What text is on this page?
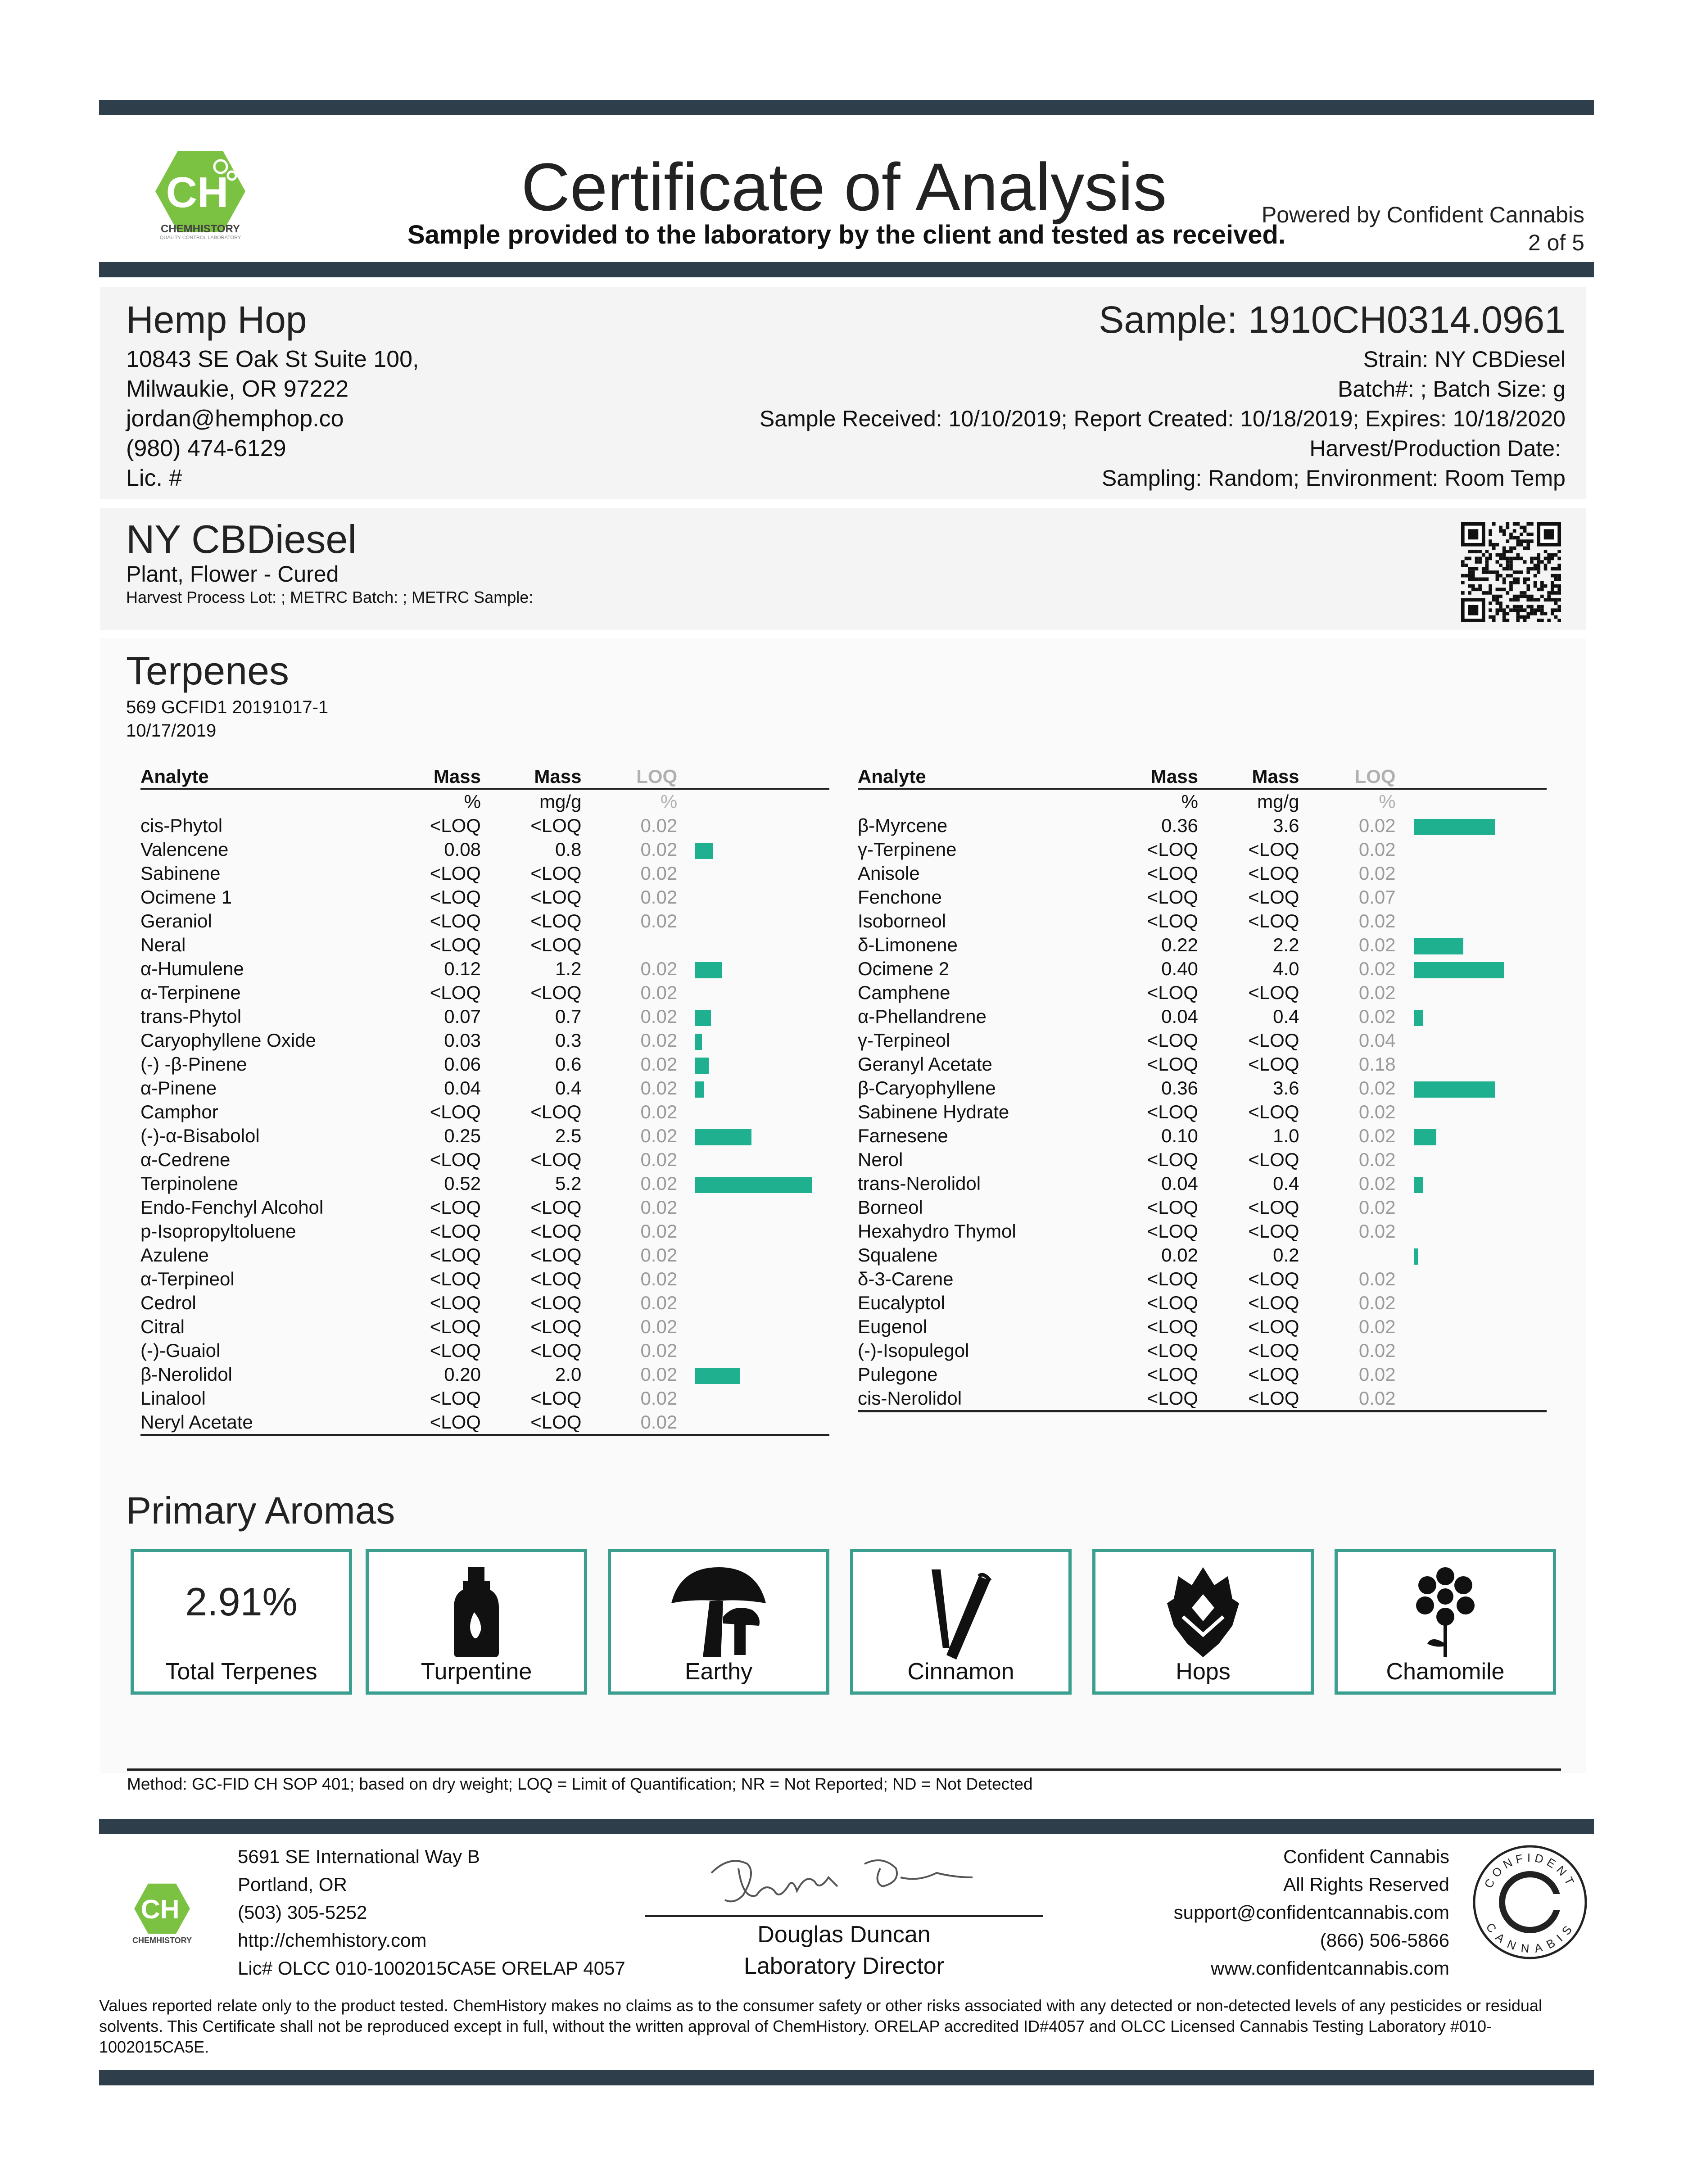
CH
CHEMHISTORY
QUALITY CONTROL LABORATORY
Certificate of Analysis
Sample provided to the laboratory by the client and tested as received.
Powered by Confident Cannabis
2 of 5
Hemp Hop
10843 SE Oak St Suite 100,
Milwaukie, OR 97222
jordan@hemphop.co
(980) 474-6129
Lic. #
Sample: 1910CH0314.0961
Strain: NY CBDiesel
Batch#: ; Batch Size: g
Sample Received: 10/10/2019; Report Created: 10/18/2019; Expires: 10/18/2020
Harvest/Production Date:
Sampling: Random; Environment: Room Temp
NY CBDiesel
Plant, Flower - Cured
Harvest Process Lot: ; METRC Batch: ; METRC Sample:
Terpenes
569 GCFID1 20191017-1
10/17/2019
Analyte	Mass	Mass	LOQ	
	%	mg/g	%	
cis-Phytol	<LOQ	<LOQ	0.02	
Valencene	0.08	0.8	0.02	
Sabinene	<LOQ	<LOQ	0.02	
Ocimene 1	<LOQ	<LOQ	0.02	
Geraniol	<LOQ	<LOQ	0.02	
Neral	<LOQ	<LOQ		
α-Humulene	0.12	1.2	0.02	
α-Terpinene	<LOQ	<LOQ	0.02	
trans-Phytol	0.07	0.7	0.02	
Caryophyllene Oxide	0.03	0.3	0.02	
(-) -β-Pinene	0.06	0.6	0.02	
α-Pinene	0.04	0.4	0.02	
Camphor	<LOQ	<LOQ	0.02	
(-)-α-Bisabolol	0.25	2.5	0.02	
α-Cedrene	<LOQ	<LOQ	0.02	
Terpinolene	0.52	5.2	0.02	
Endo-Fenchyl Alcohol	<LOQ	<LOQ	0.02	
p-Isopropyltoluene	<LOQ	<LOQ	0.02	
Azulene	<LOQ	<LOQ	0.02	
α-Terpineol	<LOQ	<LOQ	0.02	
Cedrol	<LOQ	<LOQ	0.02	
Citral	<LOQ	<LOQ	0.02	
(-)-Guaiol	<LOQ	<LOQ	0.02	
β-Nerolidol	0.20	2.0	0.02	
Linalool	<LOQ	<LOQ	0.02	
Neryl Acetate	<LOQ	<LOQ	0.02	
Analyte	Mass	Mass	LOQ	
	%	mg/g	%	
β-Myrcene	0.36	3.6	0.02	
γ-Terpinene	<LOQ	<LOQ	0.02	
Anisole	<LOQ	<LOQ	0.02	
Fenchone	<LOQ	<LOQ	0.07	
Isoborneol	<LOQ	<LOQ	0.02	
δ-Limonene	0.22	2.2	0.02	
Ocimene 2	0.40	4.0	0.02	
Camphene	<LOQ	<LOQ	0.02	
α-Phellandrene	0.04	0.4	0.02	
γ-Terpineol	<LOQ	<LOQ	0.04	
Geranyl Acetate	<LOQ	<LOQ	0.18	
β-Caryophyllene	0.36	3.6	0.02	
Sabinene Hydrate	<LOQ	<LOQ	0.02	
Farnesene	0.10	1.0	0.02	
Nerol	<LOQ	<LOQ	0.02	
trans-Nerolidol	0.04	0.4	0.02	
Borneol	<LOQ	<LOQ	0.02	
Hexahydro Thymol	<LOQ	<LOQ	0.02	
Squalene	0.02	0.2		
δ-3-Carene	<LOQ	<LOQ	0.02	
Eucalyptol	<LOQ	<LOQ	0.02	
Eugenol	<LOQ	<LOQ	0.02	
(-)-Isopulegol	<LOQ	<LOQ	0.02	
Pulegone	<LOQ	<LOQ	0.02	
cis-Nerolidol	<LOQ	<LOQ	0.02	
Primary Aromas
2.91%
Total Terpenes	Turpentine	Earthy	Cinnamon	Hops	Chamomile
Method: GC-FID CH SOP 401; based on dry weight; LOQ = Limit of Quantification; NR = Not Reported; ND = Not Detected
CH
CHEMHISTORY
5691 SE International Way B
Portland, OR
(503) 305-5252
http://chemhistory.com
Lic# OLCC 010-1002015CA5E ORELAP 4057
Douglas Duncan
Laboratory Director
Confident Cannabis
All Rights Reserved
support@confidentcannabis.com
(866) 506-5866
www.confidentcannabis.com
CONFIDENT
CANNABIS
Values reported relate only to the product tested. ChemHistory makes no claims as to the consumer safety or other risks associated with any detected or non-detected levels of any pesticides or residual solvents. This Certificate shall not be reproduced except in full, without the written approval of ChemHistory. ORELAP accredited ID#4057 and OLCC Licensed Cannabis Testing Laboratory #010-1002015CA5E.
